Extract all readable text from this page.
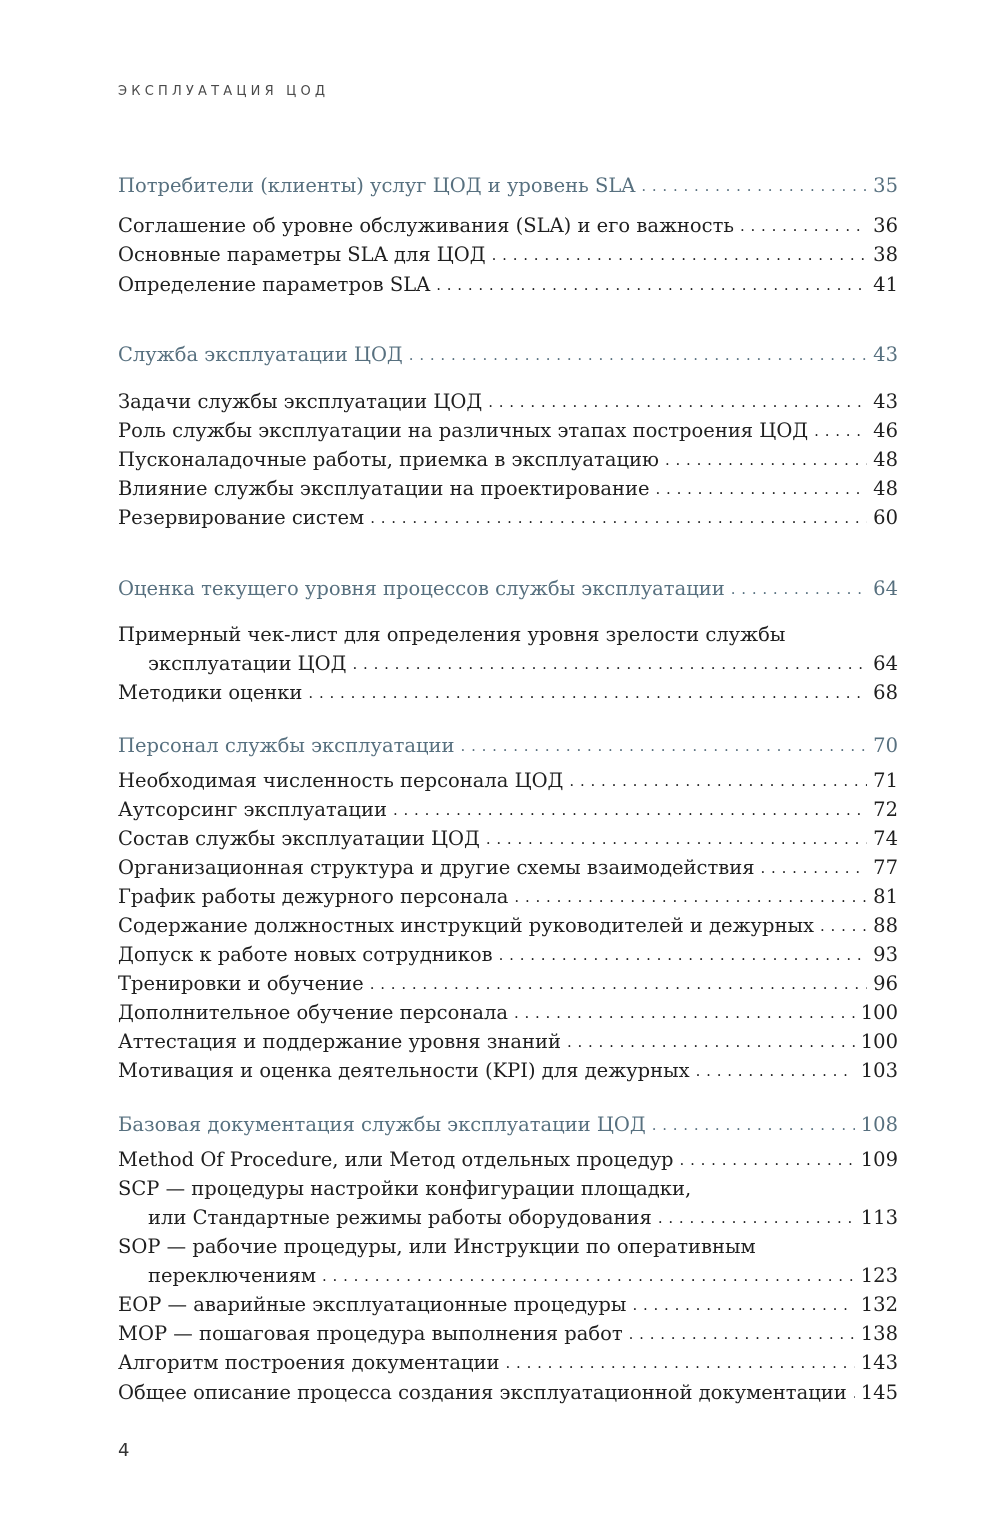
ЭКСПЛУАТАЦИЯ ЦОД
Потребители (клиенты) услуг ЦОД и уровень SLA . . .	35
Соглашение об уровне обслуживания (SLA) и его важность . . .	36
Основные параметры SLA для ЦОД . . .	38
Определение параметров SLA . . .	41
Служба эксплуатации ЦОД . . .	43
Задачи службы эксплуатации ЦОД . . .	43
Роль службы эксплуатации на различных этапах построения ЦОД . . .	46
Пусконаладочные работы, приемка в эксплуатацию . . .	48
Влияние службы эксплуатации на проектирование . . .	48
Резервирование систем . . .	60
Оценка текущего уровня процессов службы эксплуатации . . .	64
Примерный чек-лист для определения уровня зрелости службы
эксплуатации ЦОД . . .	64
Методики оценки . . .	68
Персонал службы эксплуатации . . .	70
Необходимая численность персонала ЦОД . . .	71
Аутсорсинг эксплуатации . . .	72
Состав службы эксплуатации ЦОД . . .	74
Организационная структура и другие схемы взаимодействия . . .	77
График работы дежурного персонала . . .	81
Содержание должностных инструкций руководителей и дежурных . . .	88
Допуск к работе новых сотрудников . . .	93
Тренировки и обучение . . .	96
Дополнительное обучение персонала . . .	100
Аттестация и поддержание уровня знаний . . .	100
Мотивация и оценка деятельности (KPI) для дежурных . . .	103
Базовая документация службы эксплуатации ЦОД . . .	108
Method Of Procedure, или Метод отдельных процедур . . .	109
SCP — процедуры настройки конфигурации площадки,
или Стандартные режимы работы оборудования . . .	113
SOP — рабочие процедуры, или Инструкции по оперативным
переключениям . . .	123
EOP — аварийные эксплуатационные процедуры . . .	132
MOP — пошаговая процедура выполнения работ . . .	138
Алгоритм построения документации . . .	143
Общее описание процесса создания эксплуатационной документации . . . 145
4
